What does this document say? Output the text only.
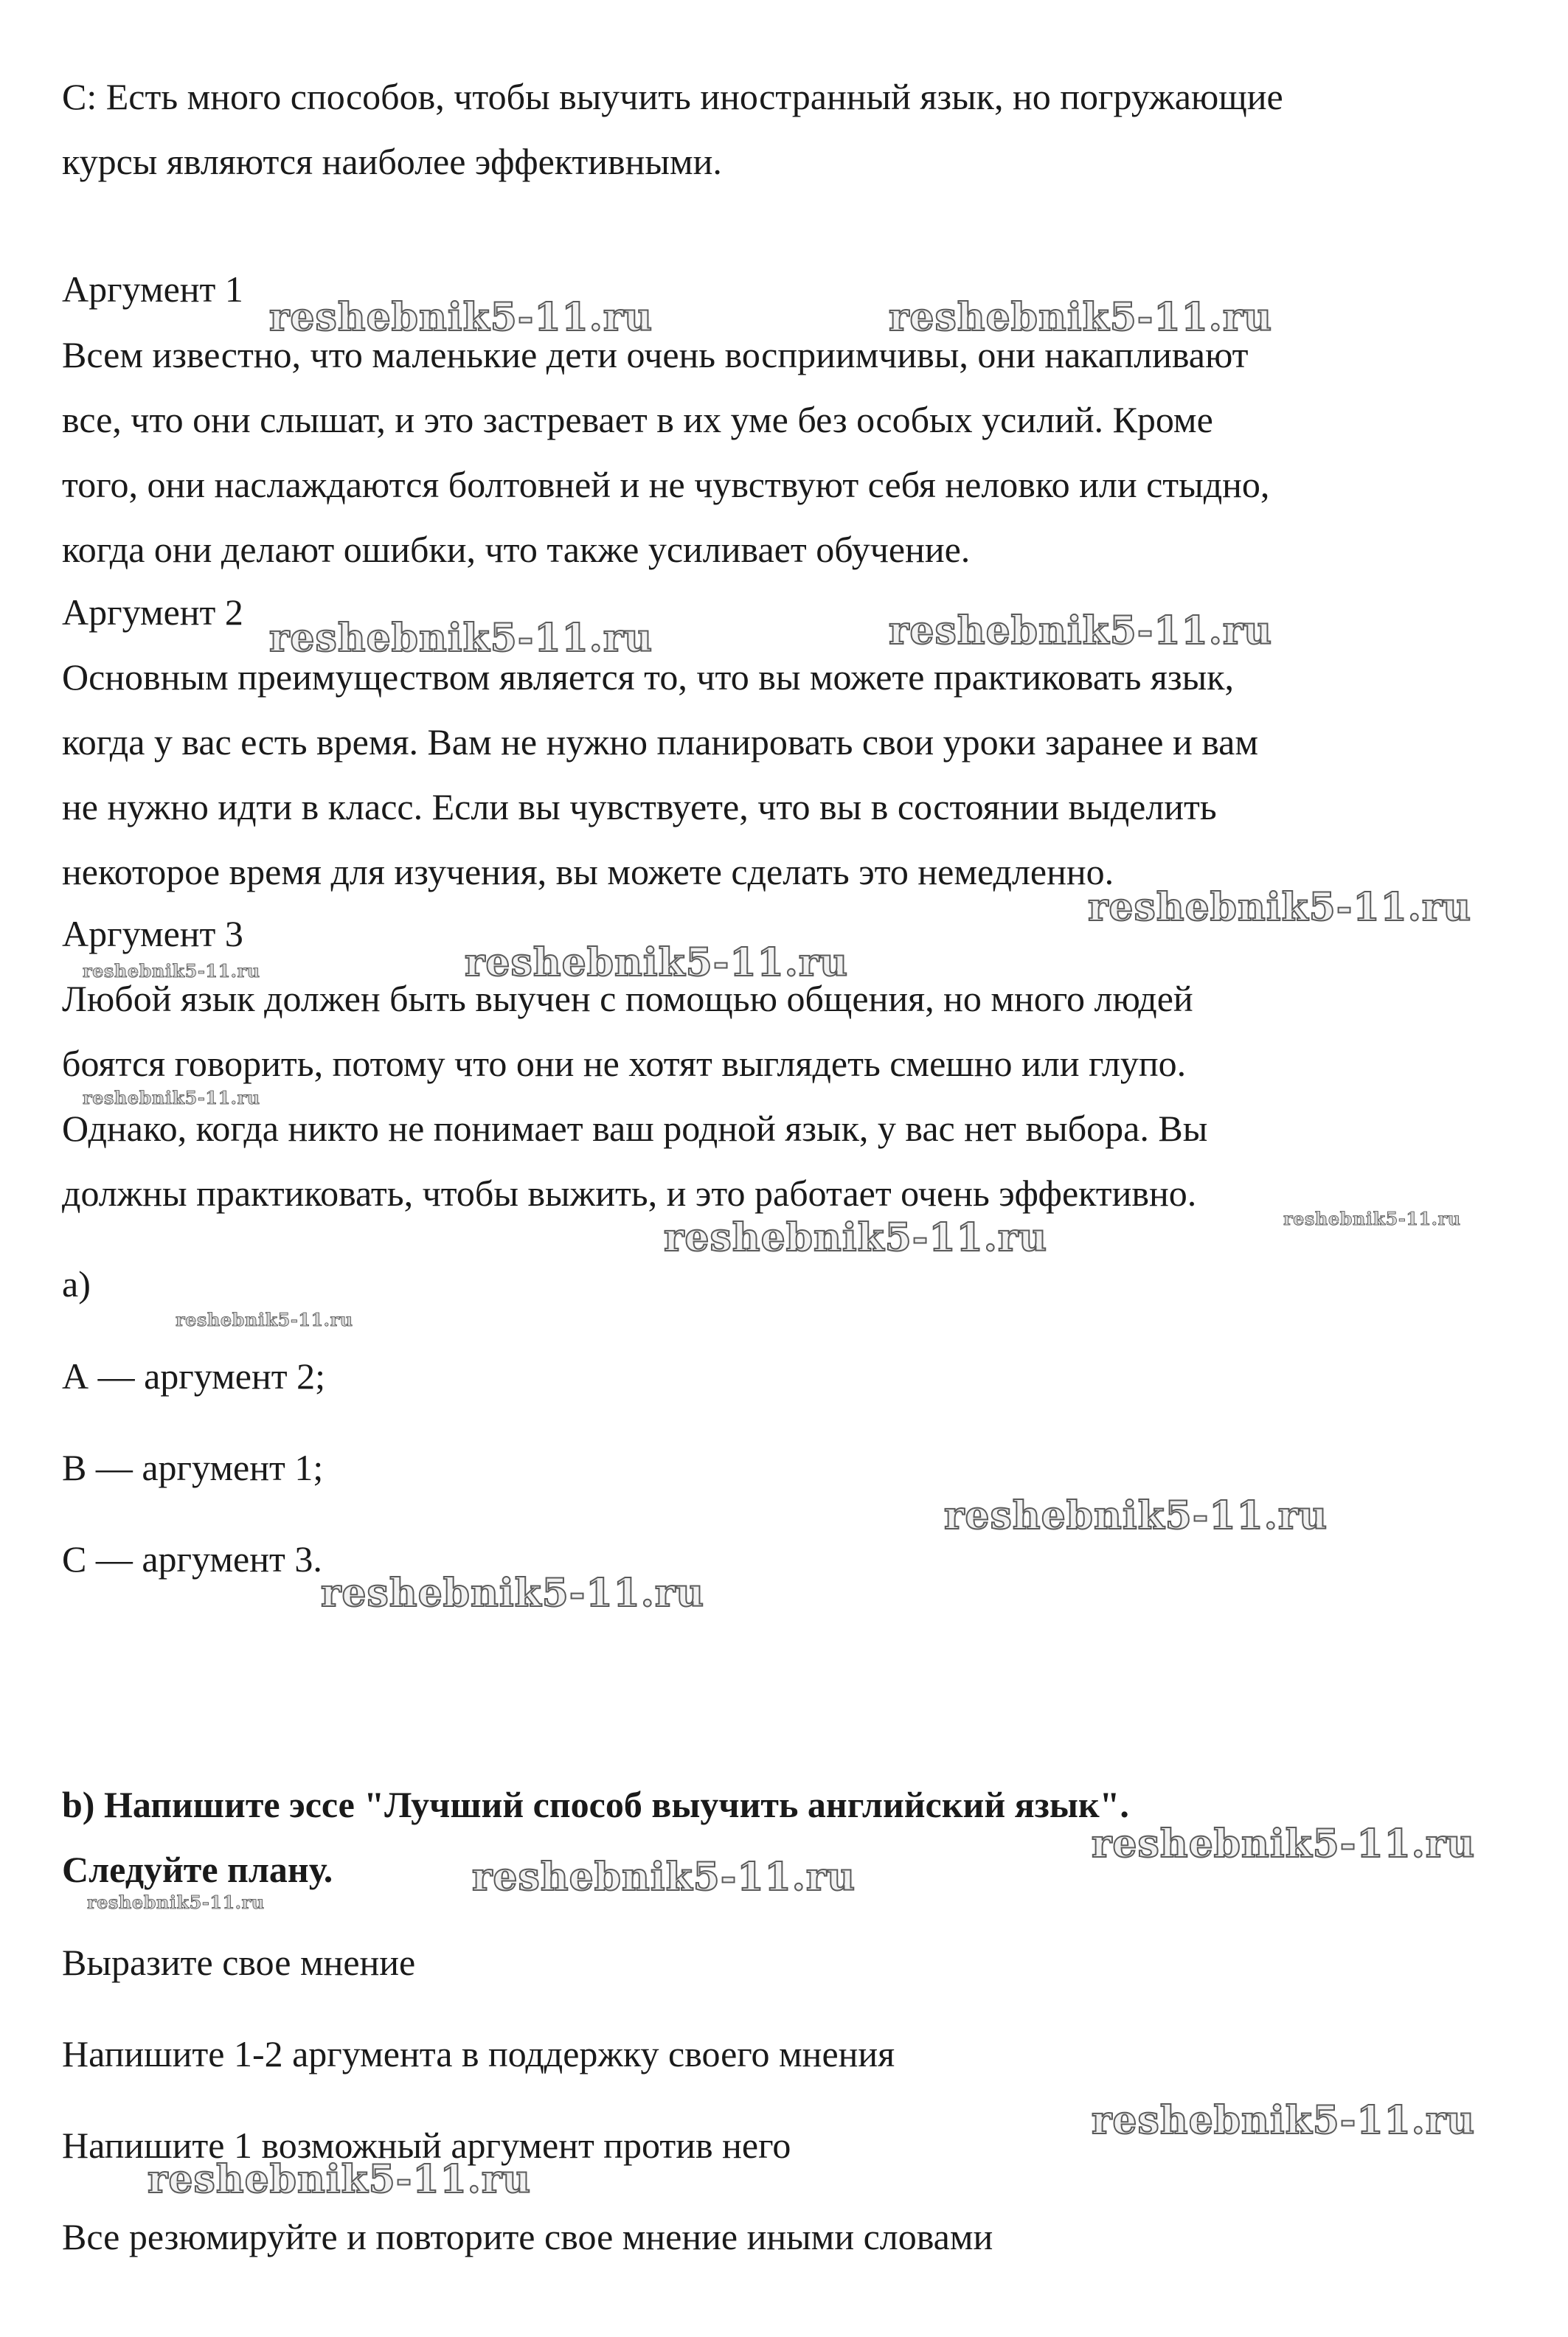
С: Есть много способов, чтобы выучить иностранный язык, но погружающие

курсы являются наиболее эффективными.

Аргумент 1

Всем известно, что маленькие дети очень восприимчивы, они накапливают

все, что они слышат, и это застревает в их уме без особых усилий. Кроме

того, они наслаждаются болтовней и не чувствуют себя неловко или стыдно,

когда они делают ошибки, что также усиливает обучение.

Аргумент 2

Основным преимуществом является то, что вы можете практиковать язык,

когда у вас есть время. Вам не нужно планировать свои уроки заранее и вам

не нужно идти в класс. Если вы чувствуете, что вы в состоянии выделить

некоторое время для изучения, вы можете сделать это немедленно.

Аргумент 3

Любой язык должен быть выучен с помощью общения, но много людей

боятся говорить, потому что они не хотят выглядеть смешно или глупо.

Однако, когда никто не понимает ваш родной язык, у вас нет выбора. Вы

должны практиковать, чтобы выжить, и это работает очень эффективно.

a)

А — аргумент 2;

В — аргумент 1;

С — аргумент 3.

b) Напишите эссе "Лучший способ выучить английский язык".

Следуйте плану.

Выразите свое мнение

Напишите 1-2 аргумента в поддержку своего мнения

Напишите 1 возможный аргумент против него

Все резюмируйте и повторите свое мнение иными словами

reshebnik5-11.ru	reshebnik5-11.ru
reshebnik5-11.ru	reshebnik5-11.ru
reshebnik5-11.ru
reshebnik5-11.ru
reshebnik5-11.ru
reshebnik5-11.ru
reshebnik5-11.ru	reshebnik5-11.ru
reshebnik5-11.ru
reshebnik5-11.ru
reshebnik5-11.ru
reshebnik5-11.ru
reshebnik5-11.ru
reshebnik5-11.ru
reshebnik5-11.ru
reshebnik5-11.ru
